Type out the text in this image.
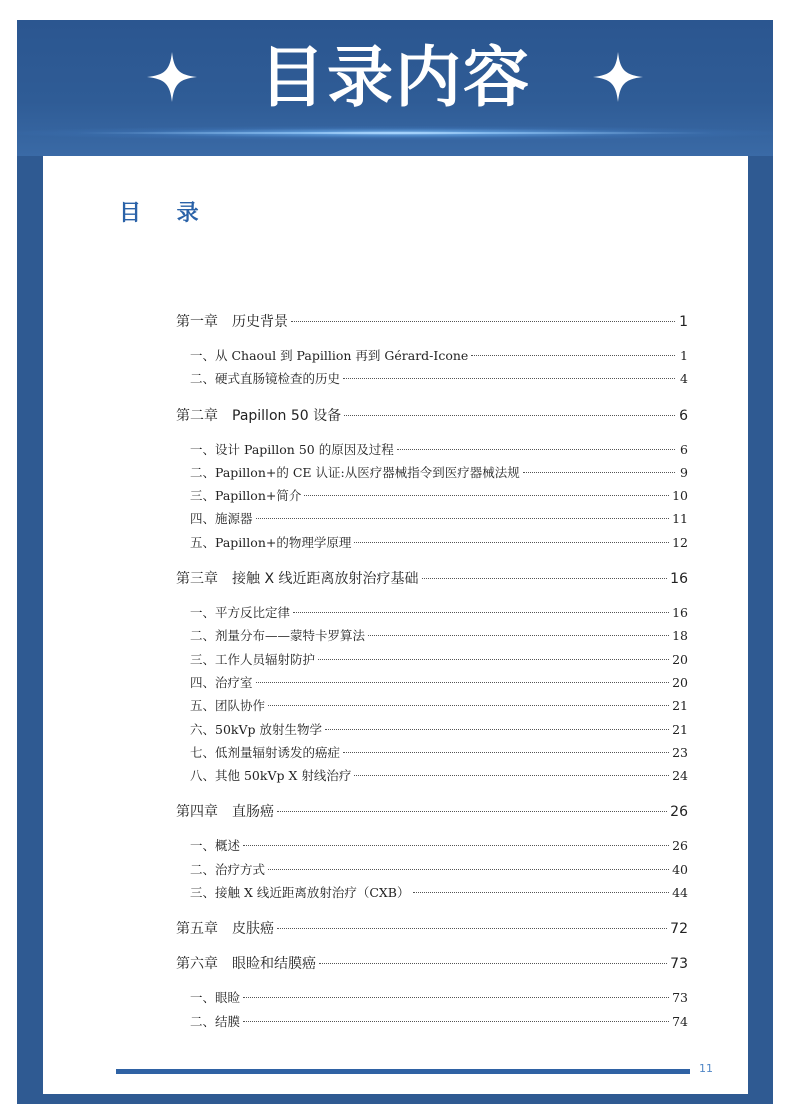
目录内容
目 录
第一章 历史背景	1
一、从 Chaoul 到 Papillion 再到 Gérard-Icone	1
二、硬式直肠镜检查的历史	4
第二章 Papillon 50 设备	6
一、设计 Papillon 50 的原因及过程	6
二、Papillon+的 CE 认证:从医疗器械指令到医疗器械法规	9
三、Papillon+简介	10
四、施源器	11
五、Papillon+的物理学原理	12
第三章 接触 X 线近距离放射治疗基础	16
一、平方反比定律	16
二、剂量分布——蒙特卡罗算法	18
三、工作人员辐射防护	20
四、治疗室	20
五、团队协作	21
六、50kVp 放射生物学	21
七、低剂量辐射诱发的癌症	23
八、其他 50kVp X 射线治疗	24
第四章 直肠癌	26
一、概述	26
二、治疗方式	40
三、接触 X 线近距离放射治疗（CXB）	44
第五章 皮肤癌	72
第六章 眼睑和结膜癌	73
一、眼睑	73
二、结膜	74
11
